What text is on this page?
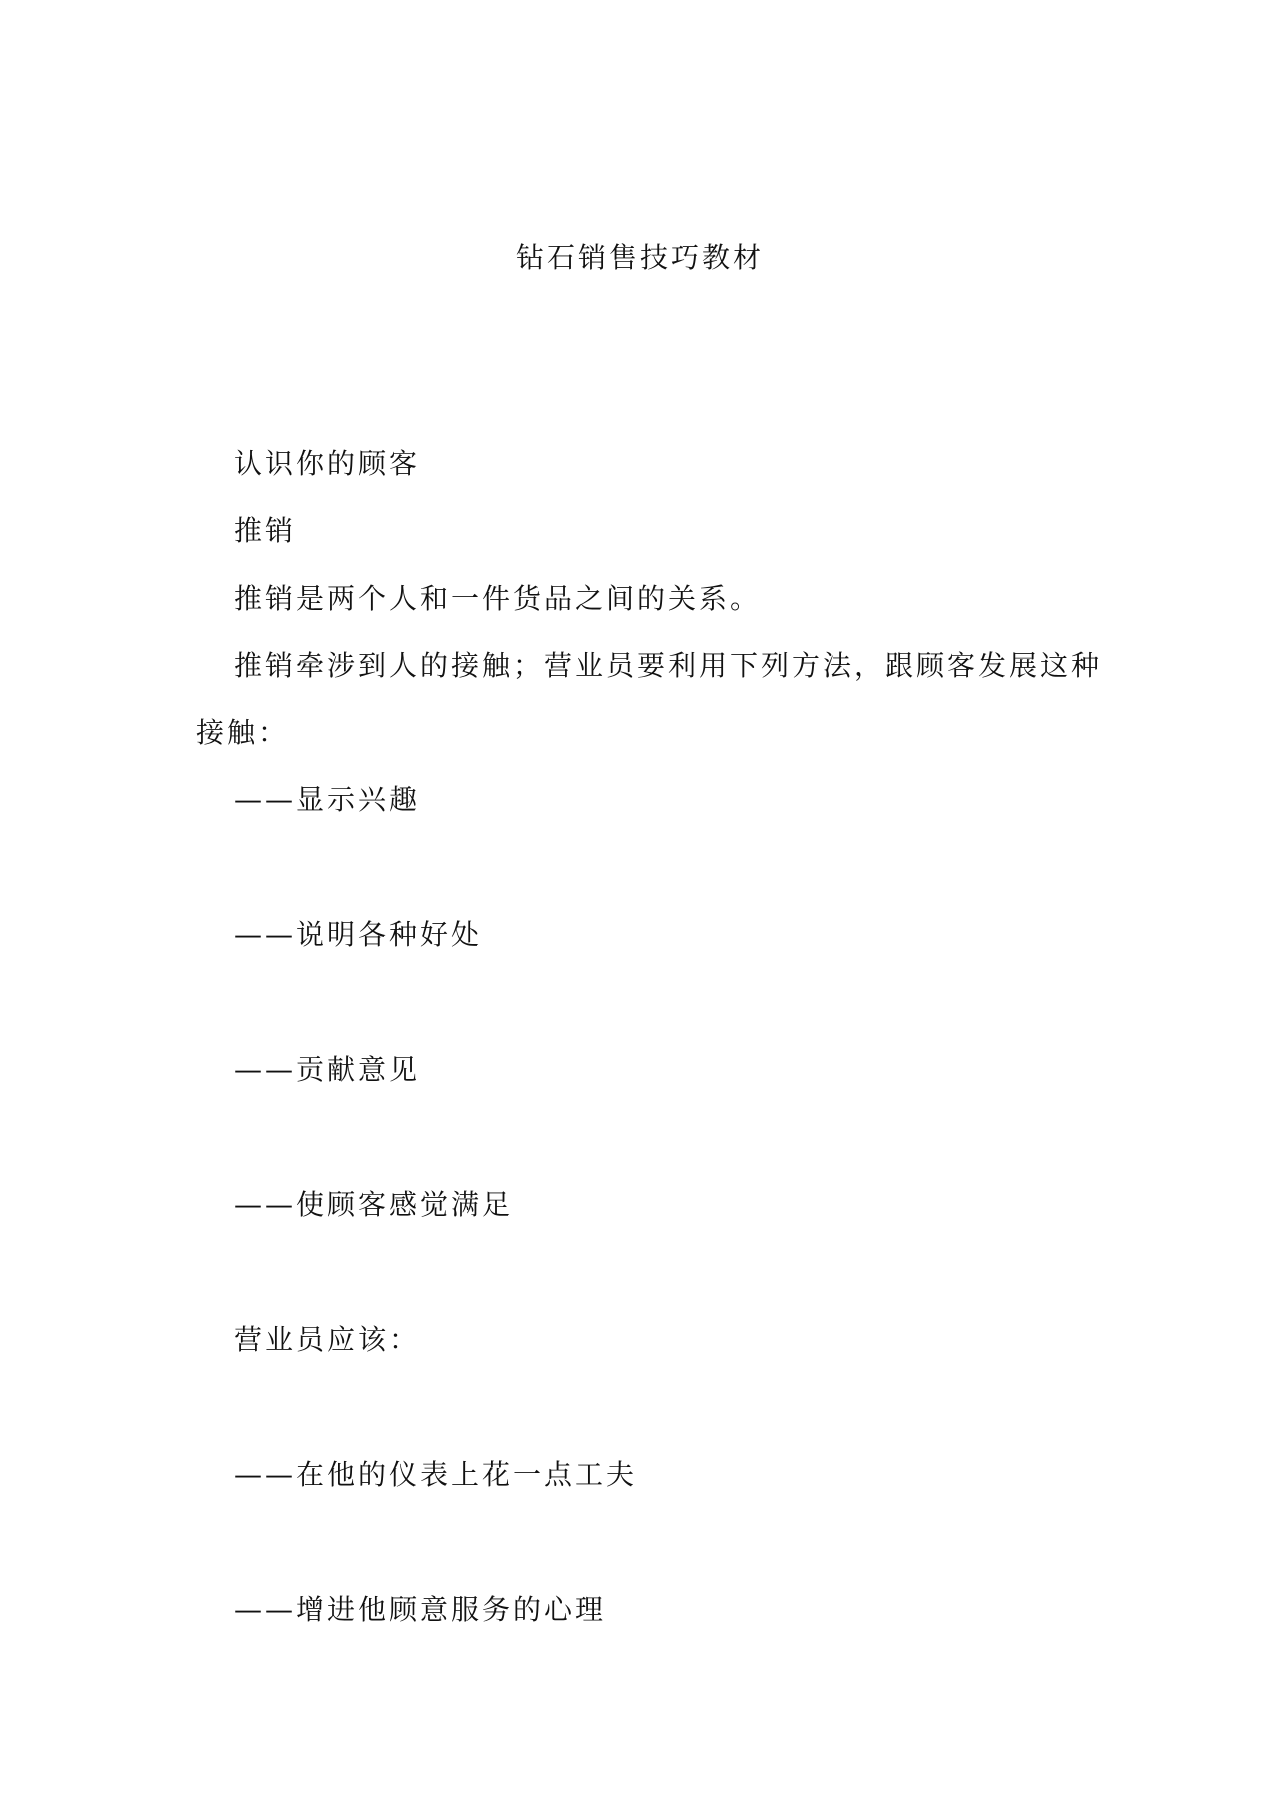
钻石销售技巧教材
认识你的顾客
推销
推销是两个人和一件货品之间的关系。
推销牵涉到人的接触；营业员要利用下列方法，跟顾客发展这种
接触：
——显示兴趣
——说明各种好处
——贡献意见
——使顾客感觉满足
营业员应该：
——在他的仪表上花一点工夫
——增进他顾意服务的心理
